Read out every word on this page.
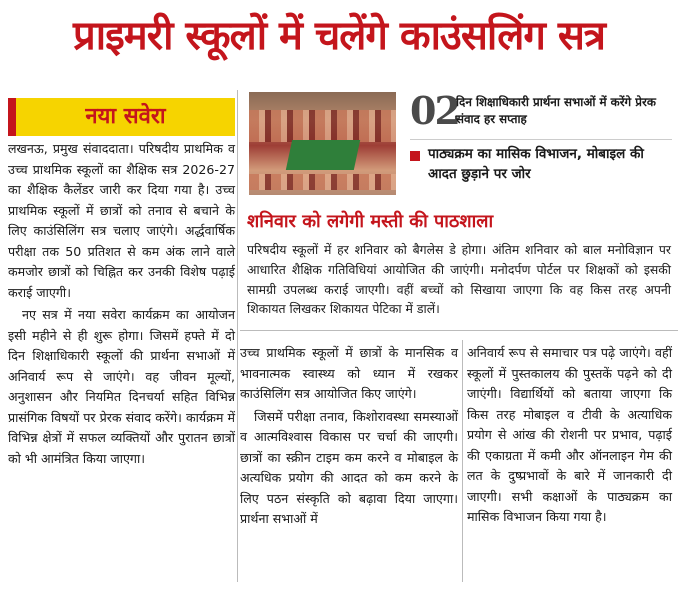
प्राइमरी स्कूलों में चलेंगे काउंसलिंग सत्र
नया सवेरा

लखनऊ, प्रमुख संवाददाता। परिषदीय प्राथमिक व उच्च प्राथमिक स्कूलों का शैक्षिक सत्र 2026-27 का शैक्षिक कैलेंडर जारी कर दिया गया है। उच्च प्राथमिक स्कूलों में छात्रों को तनाव से बचाने के लिए काउंसिलिंग सत्र चलाए जाएंगे। अर्द्धवार्षिक परीक्षा तक 50 प्रतिशत से कम अंक लाने वाले कमजोर छात्रों को चिह्नित कर उनकी विशेष पढ़ाई कराई जाएगी।

नए सत्र में नया सवेरा कार्यक्रम का आयोजन इसी महीने से ही शुरू होगा। जिसमें हफ्ते में दो दिन शिक्षाधिकारी स्कूलों की प्रार्थना सभाओं में अनिवार्य रूप से जाएंगे। वह जीवन मूल्यों, अनुशासन और नियमित दिनचर्या सहित विभिन्न प्रासंगिक विषयों पर प्रेरक संवाद करेंगे। कार्यक्रम में विभिन्न क्षेत्रों में सफल व्यक्तियों और पुरातन छात्रों को भी आमंत्रित किया जाएगा।

02
दिन शिक्षाधिकारी प्रार्थना सभाओं में करेंगे प्रेरक संवाद हर सप्ताह
पाठ्यक्रम का मासिक विभाजन, मोबाइल की आदत छुड़ाने पर जोर
शनिवार को लगेगी मस्ती की पाठशाला
परिषदीय स्कूलों में हर शनिवार को बैगलेस डे होगा। अंतिम शनिवार को बाल मनोविज्ञान पर आधारित शैक्षिक गतिविधियां आयोजित की जाएंगी। मनोदर्पण पोर्टल पर शिक्षकों को इसकी सामग्री उपलब्ध कराई जाएगी। वहीं बच्चों को सिखाया जाएगा कि वह किस तरह अपनी शिकायत लिखकर शिकायत पेटिका में डालें।

उच्च प्राथमिक स्कूलों में छात्रों के मानसिक व भावनात्मक स्वास्थ्य को ध्यान में रखकर काउंसिलिंग सत्र आयोजित किए जाएंगे।

जिसमें परीक्षा तनाव, किशोरावस्था समस्याओं व आत्मविश्वास विकास पर चर्चा की जाएगी। छात्रों का स्क्रीन टाइम कम करने व मोबाइल के अत्यधिक प्रयोग की आदत को कम करने के लिए पठन संस्कृति को बढ़ावा दिया जाएगा। प्रार्थना सभाओं में

अनिवार्य रूप से समाचार पत्र पढ़े जाएंगे। वहीं स्कूलों में पुस्तकालय की पुस्तकें पढ़ने को दी जाएंगी। विद्यार्थियों को बताया जाएगा कि किस तरह मोबाइल व टीवी के अत्याधिक प्रयोग से आंख की रोशनी पर प्रभाव, पढ़ाई की एकाग्रता में कमी और ऑनलाइन गेम की लत के दुष्प्रभावों के बारे में जानकारी दी जाएगी। सभी कक्षाओं के पाठ्यक्रम का मासिक विभाजन किया गया है।
